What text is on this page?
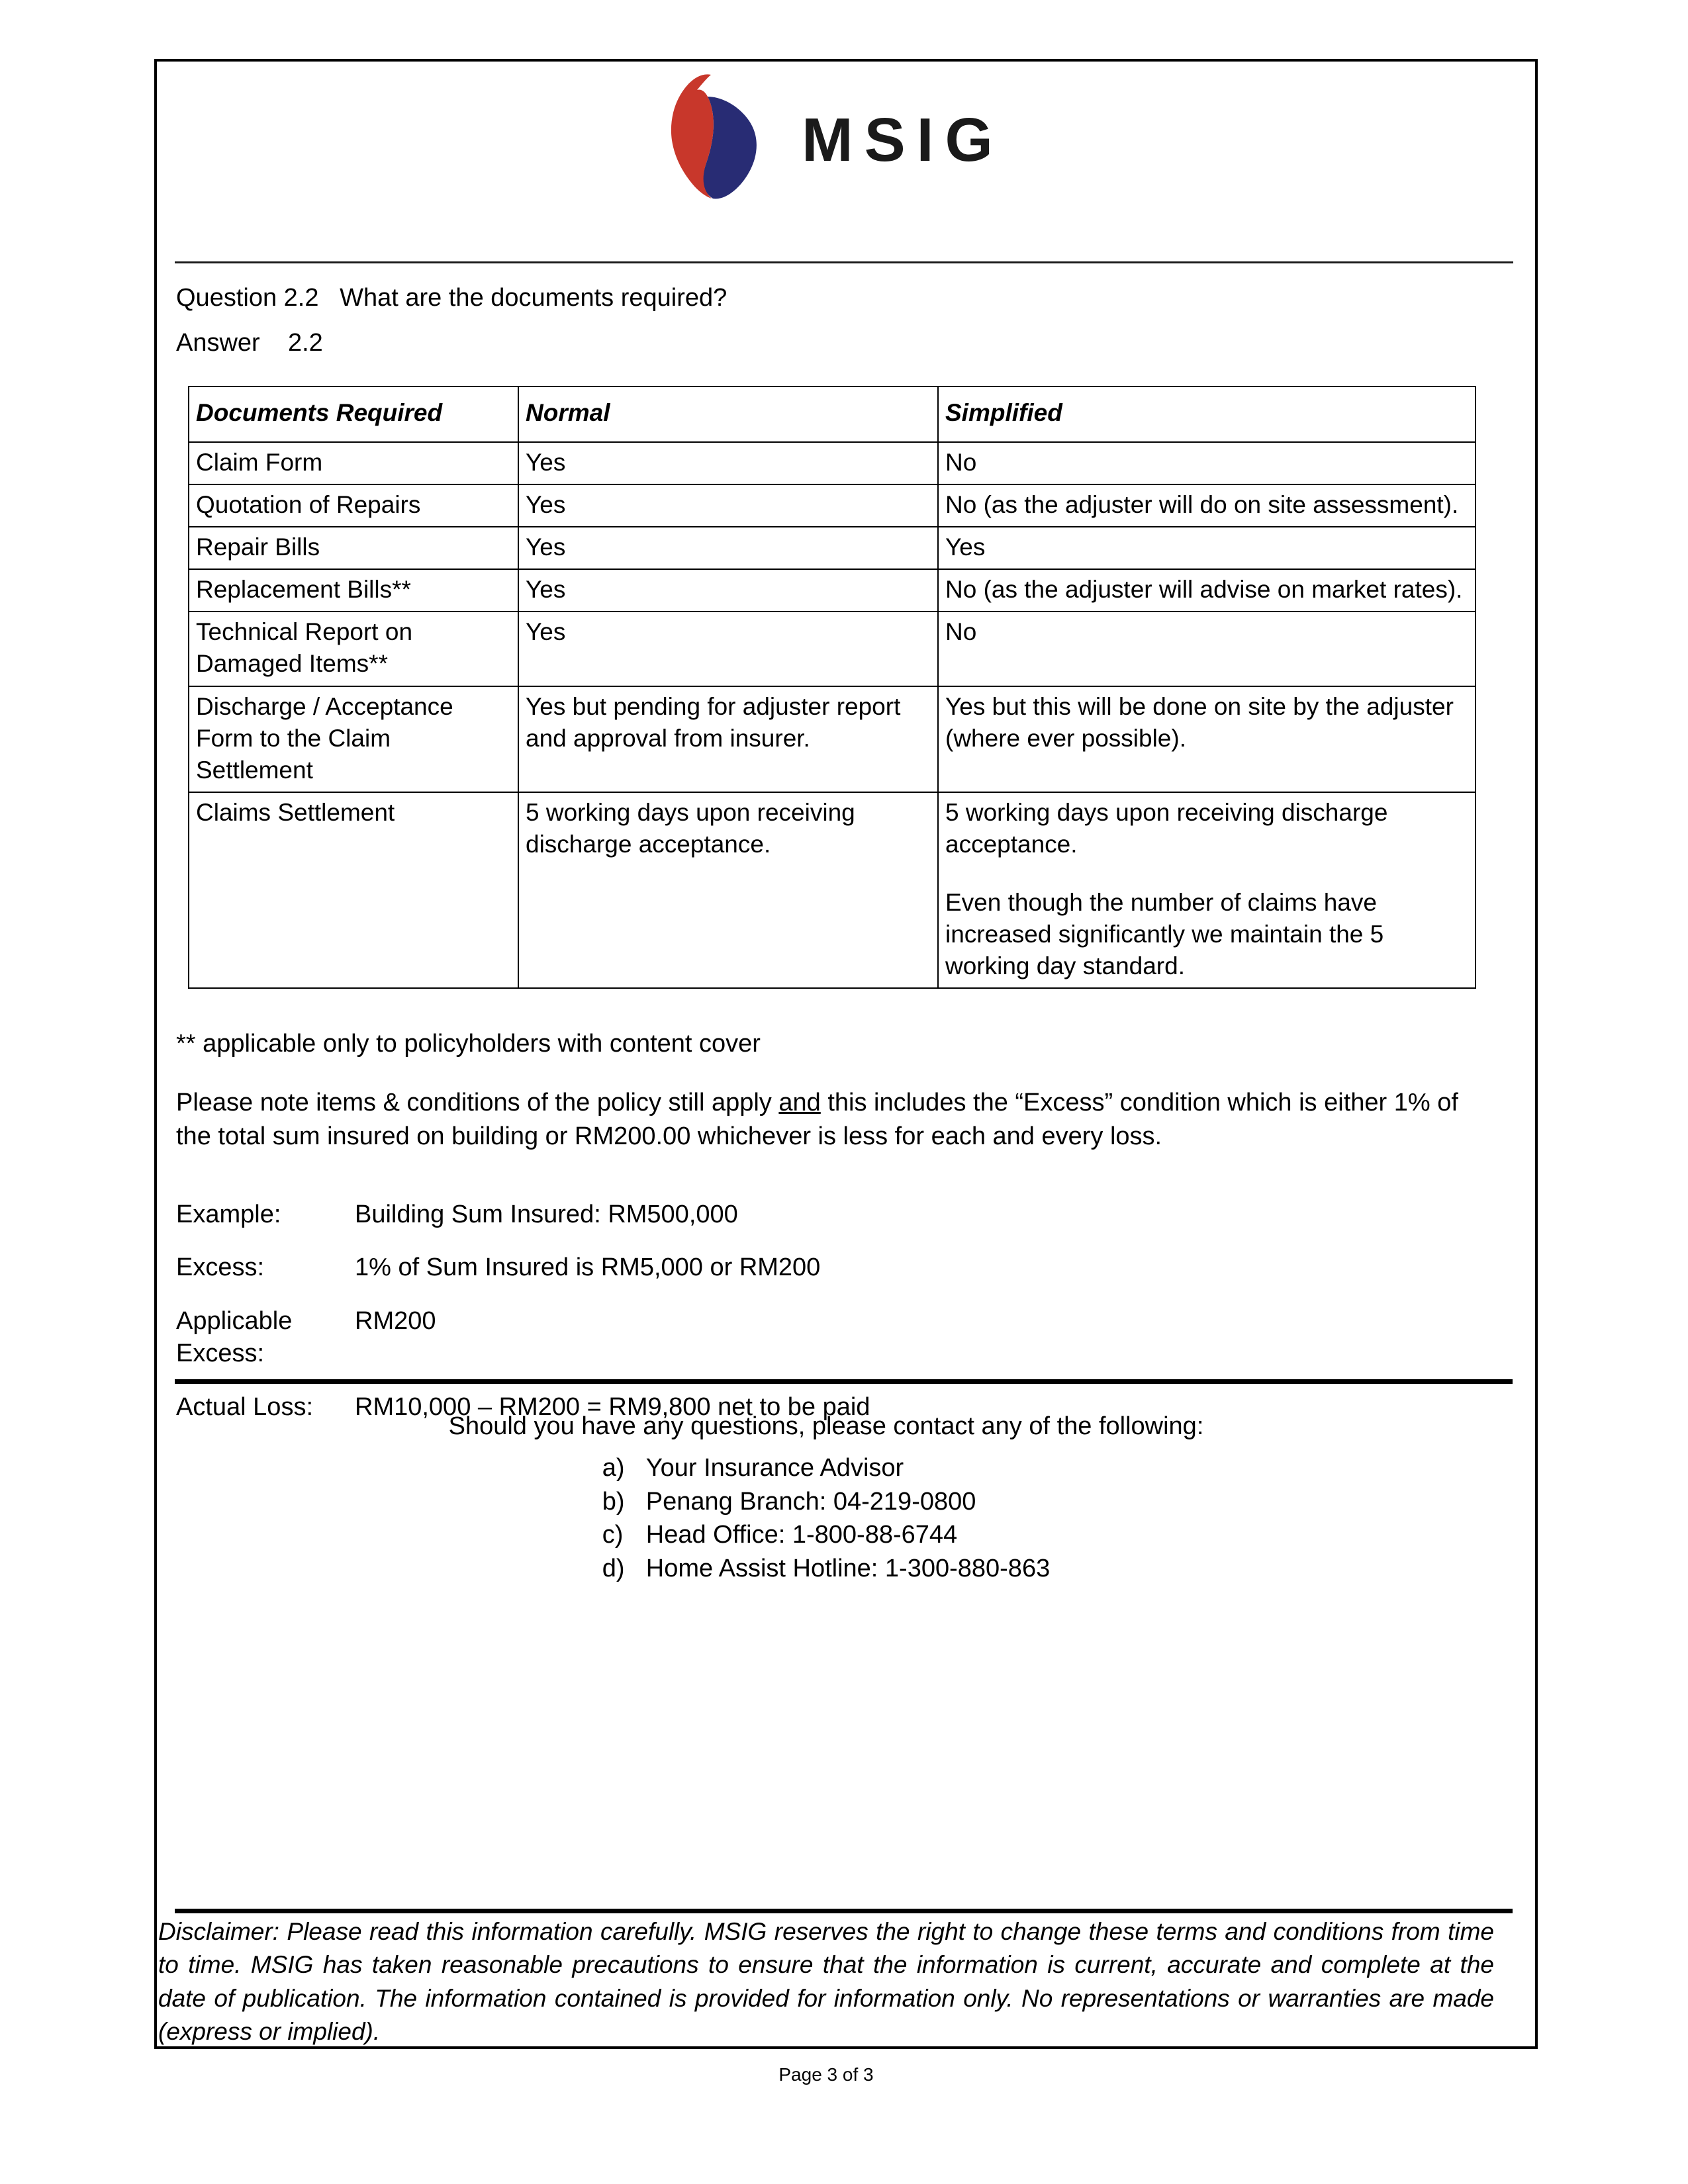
MSIG
Question 2.2   What are the documents required?
Answer    2.2
Documents Required	Normal	Simplified
Claim Form	Yes	No

Quotation of Repairs	Yes	No (as the adjuster will do on site assessment).

Repair Bills	Yes	Yes

Replacement Bills**	Yes	No (as the adjuster will advise on market rates).

Technical Report on Damaged Items**	Yes	No

Discharge / Acceptance Form to the Claim Settlement	Yes but pending for adjuster report and approval from insurer.	Yes but this will be done on site by the adjuster (where ever possible).

Claims Settlement	5 working days upon receiving discharge acceptance.	5 working days upon receiving discharge acceptance.

Even though the number of claims have increased significantly we maintain the 5 working day standard.

** applicable only to policyholders with content cover
Please note items & conditions of the policy still apply and this includes the “Excess” condition which is either 1% of the total sum insured on building or RM200.00 whichever is less for each and every loss.
Example:	Building Sum Insured: RM500,000
Excess:	1% of Sum Insured is RM5,000 or RM200
Applicable Excess:
RM200
Actual Loss:	RM10,000 – RM200 = RM9,800 net to be paid
Should you have any questions, please contact any of the following:
a) Your Insurance Advisor
b) Penang Branch: 04-219-0800
c) Head Office: 1-800-88-6744
d) Home Assist Hotline: 1-300-880-863
Disclaimer: Please read this information carefully. MSIG reserves the right to change these terms and conditions from time to time. MSIG has taken reasonable precautions to ensure that the information is current, accurate and complete at the date of publication. The information contained is provided for information only. No representations or warranties are made (express or implied).
Page 3 of 3
